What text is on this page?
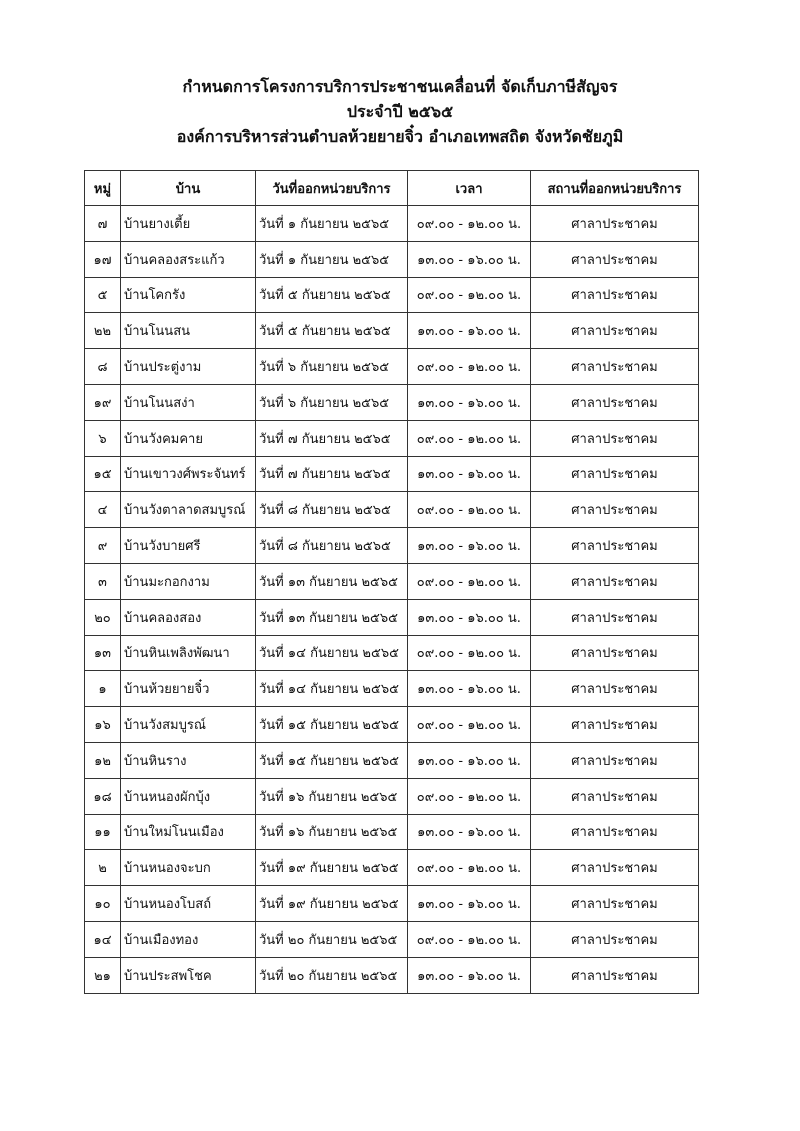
กำหนดการโครงการบริการประชาชนเคลื่อนที่ จัดเก็บภาษีสัญจร
ประจำปี ๒๕๖๕
องค์การบริหารส่วนตำบลห้วยยายจิ๋ว อำเภอเทพสถิต จังหวัดชัยภูมิ
หมู่	บ้าน	วันที่ออกหน่วยบริการ	เวลา	สถานที่ออกหน่วยบริการ
๗	บ้านยางเตี้ย	วันที่ ๑ กันยายน ๒๕๖๕	๐๙.๐๐ - ๑๒.๐๐ น.	ศาลาประชาคม
๑๗	บ้านคลองสระแก้ว	วันที่ ๑ กันยายน ๒๕๖๕	๑๓.๐๐ - ๑๖.๐๐ น.	ศาลาประชาคม
๕	บ้านโคกรัง	วันที่ ๕ กันยายน ๒๕๖๕	๐๙.๐๐ - ๑๒.๐๐ น.	ศาลาประชาคม
๒๒	บ้านโนนสน	วันที่ ๕ กันยายน ๒๕๖๕	๑๓.๐๐ - ๑๖.๐๐ น.	ศาลาประชาคม
๘	บ้านประตู่งาม	วันที่ ๖ กันยายน ๒๕๖๕	๐๙.๐๐ - ๑๒.๐๐ น.	ศาลาประชาคม
๑๙	บ้านโนนสง่า	วันที่ ๖ กันยายน ๒๕๖๕	๑๓.๐๐ - ๑๖.๐๐ น.	ศาลาประชาคม
๖	บ้านวังคมคาย	วันที่ ๗ กันยายน ๒๕๖๕	๐๙.๐๐ - ๑๒.๐๐ น.	ศาลาประชาคม
๑๕	บ้านเขาวงศ์พระจันทร์	วันที่ ๗ กันยายน ๒๕๖๕	๑๓.๐๐ - ๑๖.๐๐ น.	ศาลาประชาคม
๔	บ้านวังตาลาดสมบูรณ์	วันที่ ๘ กันยายน ๒๕๖๕	๐๙.๐๐ - ๑๒.๐๐ น.	ศาลาประชาคม
๙	บ้านวังบายศรี	วันที่ ๘ กันยายน ๒๕๖๕	๑๓.๐๐ - ๑๖.๐๐ น.	ศาลาประชาคม
๓	บ้านมะกอกงาม	วันที่ ๑๓ กันยายน ๒๕๖๕	๐๙.๐๐ - ๑๒.๐๐ น.	ศาลาประชาคม
๒๐	บ้านคลองสอง	วันที่ ๑๓ กันยายน ๒๕๖๕	๑๓.๐๐ - ๑๖.๐๐ น.	ศาลาประชาคม
๑๓	บ้านหินเพลิงพัฒนา	วันที่ ๑๔ กันยายน ๒๕๖๕	๐๙.๐๐ - ๑๒.๐๐ น.	ศาลาประชาคม
๑	บ้านห้วยยายจิ๋ว	วันที่ ๑๔ กันยายน ๒๕๖๕	๑๓.๐๐ - ๑๖.๐๐ น.	ศาลาประชาคม
๑๖	บ้านวังสมบูรณ์	วันที่ ๑๕ กันยายน ๒๕๖๕	๐๙.๐๐ - ๑๒.๐๐ น.	ศาลาประชาคม
๑๒	บ้านหินราง	วันที่ ๑๕ กันยายน ๒๕๖๕	๑๓.๐๐ - ๑๖.๐๐ น.	ศาลาประชาคม
๑๘	บ้านหนองผักบุ้ง	วันที่ ๑๖ กันยายน ๒๕๖๕	๐๙.๐๐ - ๑๒.๐๐ น.	ศาลาประชาคม
๑๑	บ้านใหม่โนนเมือง	วันที่ ๑๖ กันยายน ๒๕๖๕	๑๓.๐๐ - ๑๖.๐๐ น.	ศาลาประชาคม
๒	บ้านหนองจะบก	วันที่ ๑๙ กันยายน ๒๕๖๕	๐๙.๐๐ - ๑๒.๐๐ น.	ศาลาประชาคม
๑๐	บ้านหนองโบสถ์	วันที่ ๑๙ กันยายน ๒๕๖๕	๑๓.๐๐ - ๑๖.๐๐ น.	ศาลาประชาคม
๑๔	บ้านเมืองทอง	วันที่ ๒๐ กันยายน ๒๕๖๕	๐๙.๐๐ - ๑๒.๐๐ น.	ศาลาประชาคม
๒๑	บ้านประสพโชค	วันที่ ๒๐ กันยายน ๒๕๖๕	๑๓.๐๐ - ๑๖.๐๐ น.	ศาลาประชาคม
